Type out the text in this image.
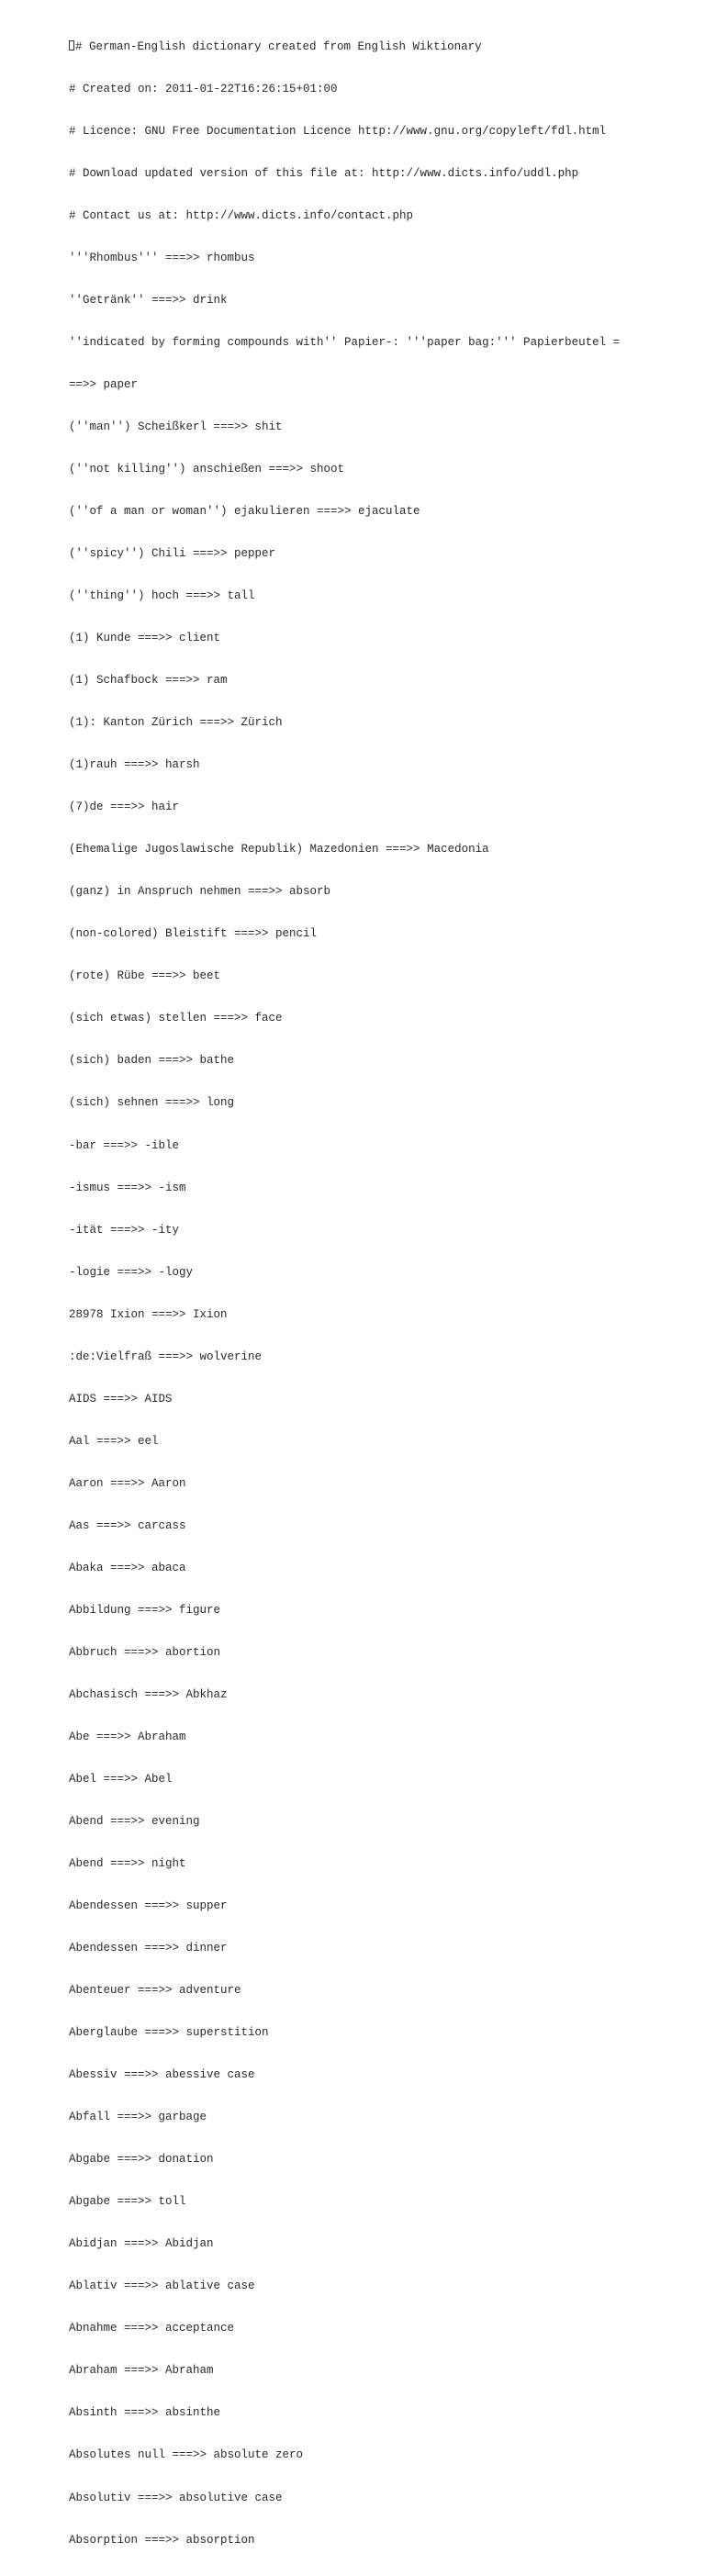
# German-English dictionary created from English Wiktionary

# Created on: 2011-01-22T16:26:15+01:00

# Licence: GNU Free Documentation Licence http://www.gnu.org/copyleft/fdl.html

# Download updated version of this file at: http://www.dicts.info/uddl.php

# Contact us at: http://www.dicts.info/contact.php

'''Rhombus''' ===>> rhombus

''Getränk'' ===>> drink

''indicated by forming compounds with'' Papier-: '''paper bag:''' Papierbeutel =

==>> paper

(''man'') Scheißkerl ===>> shit

(''not killing'') anschießen ===>> shoot

(''of a man or woman'') ejakulieren ===>> ejaculate

(''spicy'') Chili ===>> pepper

(''thing'') hoch ===>> tall

(1) Kunde ===>> client

(1) Schafbock ===>> ram

(1): Kanton Zürich ===>> Zürich

(1)rauh ===>> harsh

(7)de ===>> hair

(Ehemalige Jugoslawische Republik) Mazedonien ===>> Macedonia

(ganz) in Anspruch nehmen ===>> absorb

(non-colored) Bleistift ===>> pencil

(rote) Rübe ===>> beet

(sich etwas) stellen ===>> face

(sich) baden ===>> bathe

(sich) sehnen ===>> long

-bar ===>> -ible

-ismus ===>> -ism

-ität ===>> -ity

-logie ===>> -logy

28978 Ixion ===>> Ixion

:de:Vielfraß ===>> wolverine

AIDS ===>> AIDS

Aal ===>> eel

Aaron ===>> Aaron

Aas ===>> carcass

Abaka ===>> abaca

Abbildung ===>> figure

Abbruch ===>> abortion

Abchasisch ===>> Abkhaz

Abe ===>> Abraham

Abel ===>> Abel

Abend ===>> evening

Abend ===>> night

Abendessen ===>> supper

Abendessen ===>> dinner

Abenteuer ===>> adventure

Aberglaube ===>> superstition

Abessiv ===>> abessive case

Abfall ===>> garbage

Abgabe ===>> donation

Abgabe ===>> toll

Abidjan ===>> Abidjan

Ablativ ===>> ablative case

Abnahme ===>> acceptance

Abraham ===>> Abraham

Absinth ===>> absinthe

Absolutes null ===>> absolute zero

Absolutiv ===>> absolutive case

Absorption ===>> absorption
